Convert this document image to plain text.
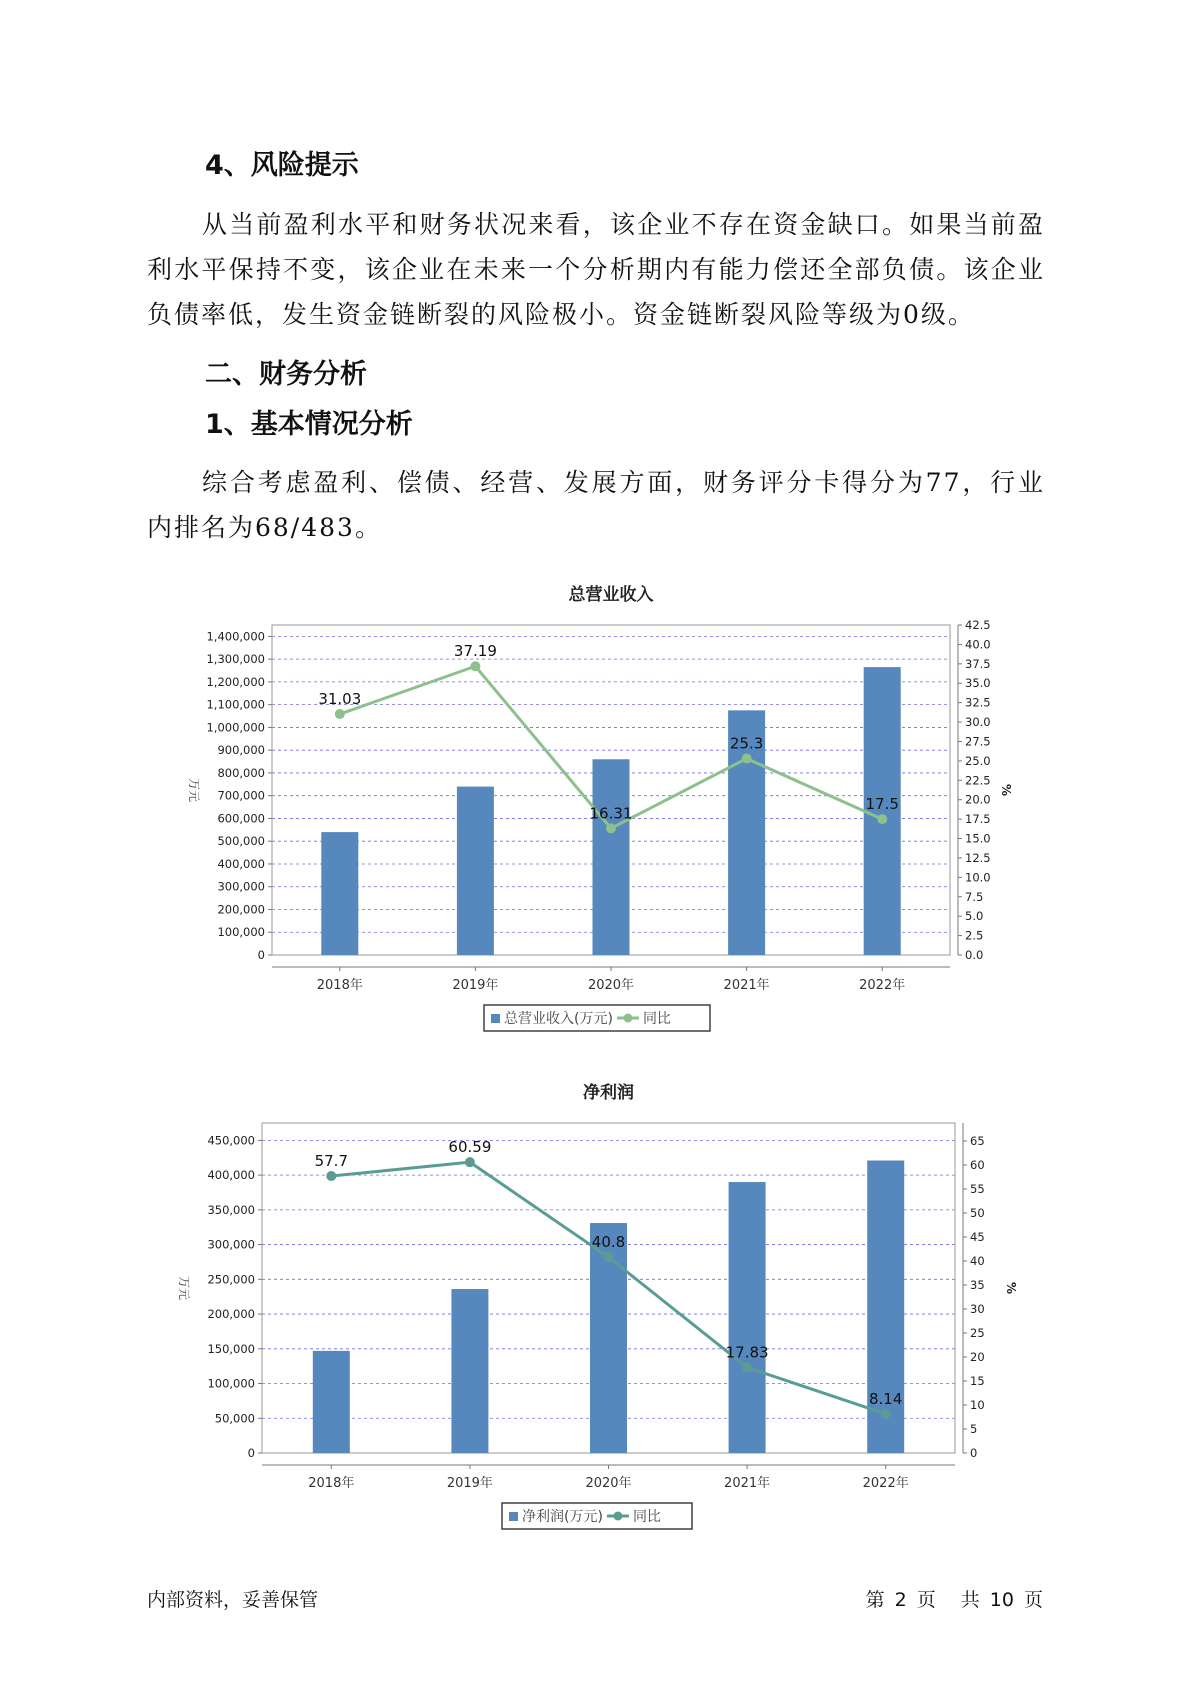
4、风险提示

从当前盈利水平和财务状况来看，该企业不存在资金缺口。如果当前盈利水平保持不变，该企业在未来一个分析期内有能力偿还全部负债。该企业负债率低，发生资金链断裂的风险极小。资金链断裂风险等级为0级。

二、财务分析
1、基本情况分析

综合考虑盈利、偿债、经营、发展方面，财务评分卡得分为77，行业内排名为68/483。

总营业收入
0
100,000
200,000
300,000
400,000
500,000
600,000
700,000
800,000
900,000
1,000,000
1,100,000
1,200,000
1,300,000
1,400,000
0.0
2.5
5.0
7.5
10.0
12.5
15.0
17.5
20.0
22.5
25.0
27.5
30.0
32.5
35.0
37.5
40.0
42.5
万元	%
2018年	2019年	2020年	2021年	2022年
31.03
37.19
16.31
25.3
17.5
总营业收入(万元) 同比
净利润
0
50,000
100,000
150,000
200,000
250,000
300,000
350,000
400,000
450,000
0
5
10
15
20
25
30
35
40
45
50
55
60
65
万元	%
2018年	2019年	2020年	2021年	2022年
57.7
60.59
40.8
17.83
8.14
净利润(万元) 同比
内部资料，妥善保管	第 2 页 共 10 页
